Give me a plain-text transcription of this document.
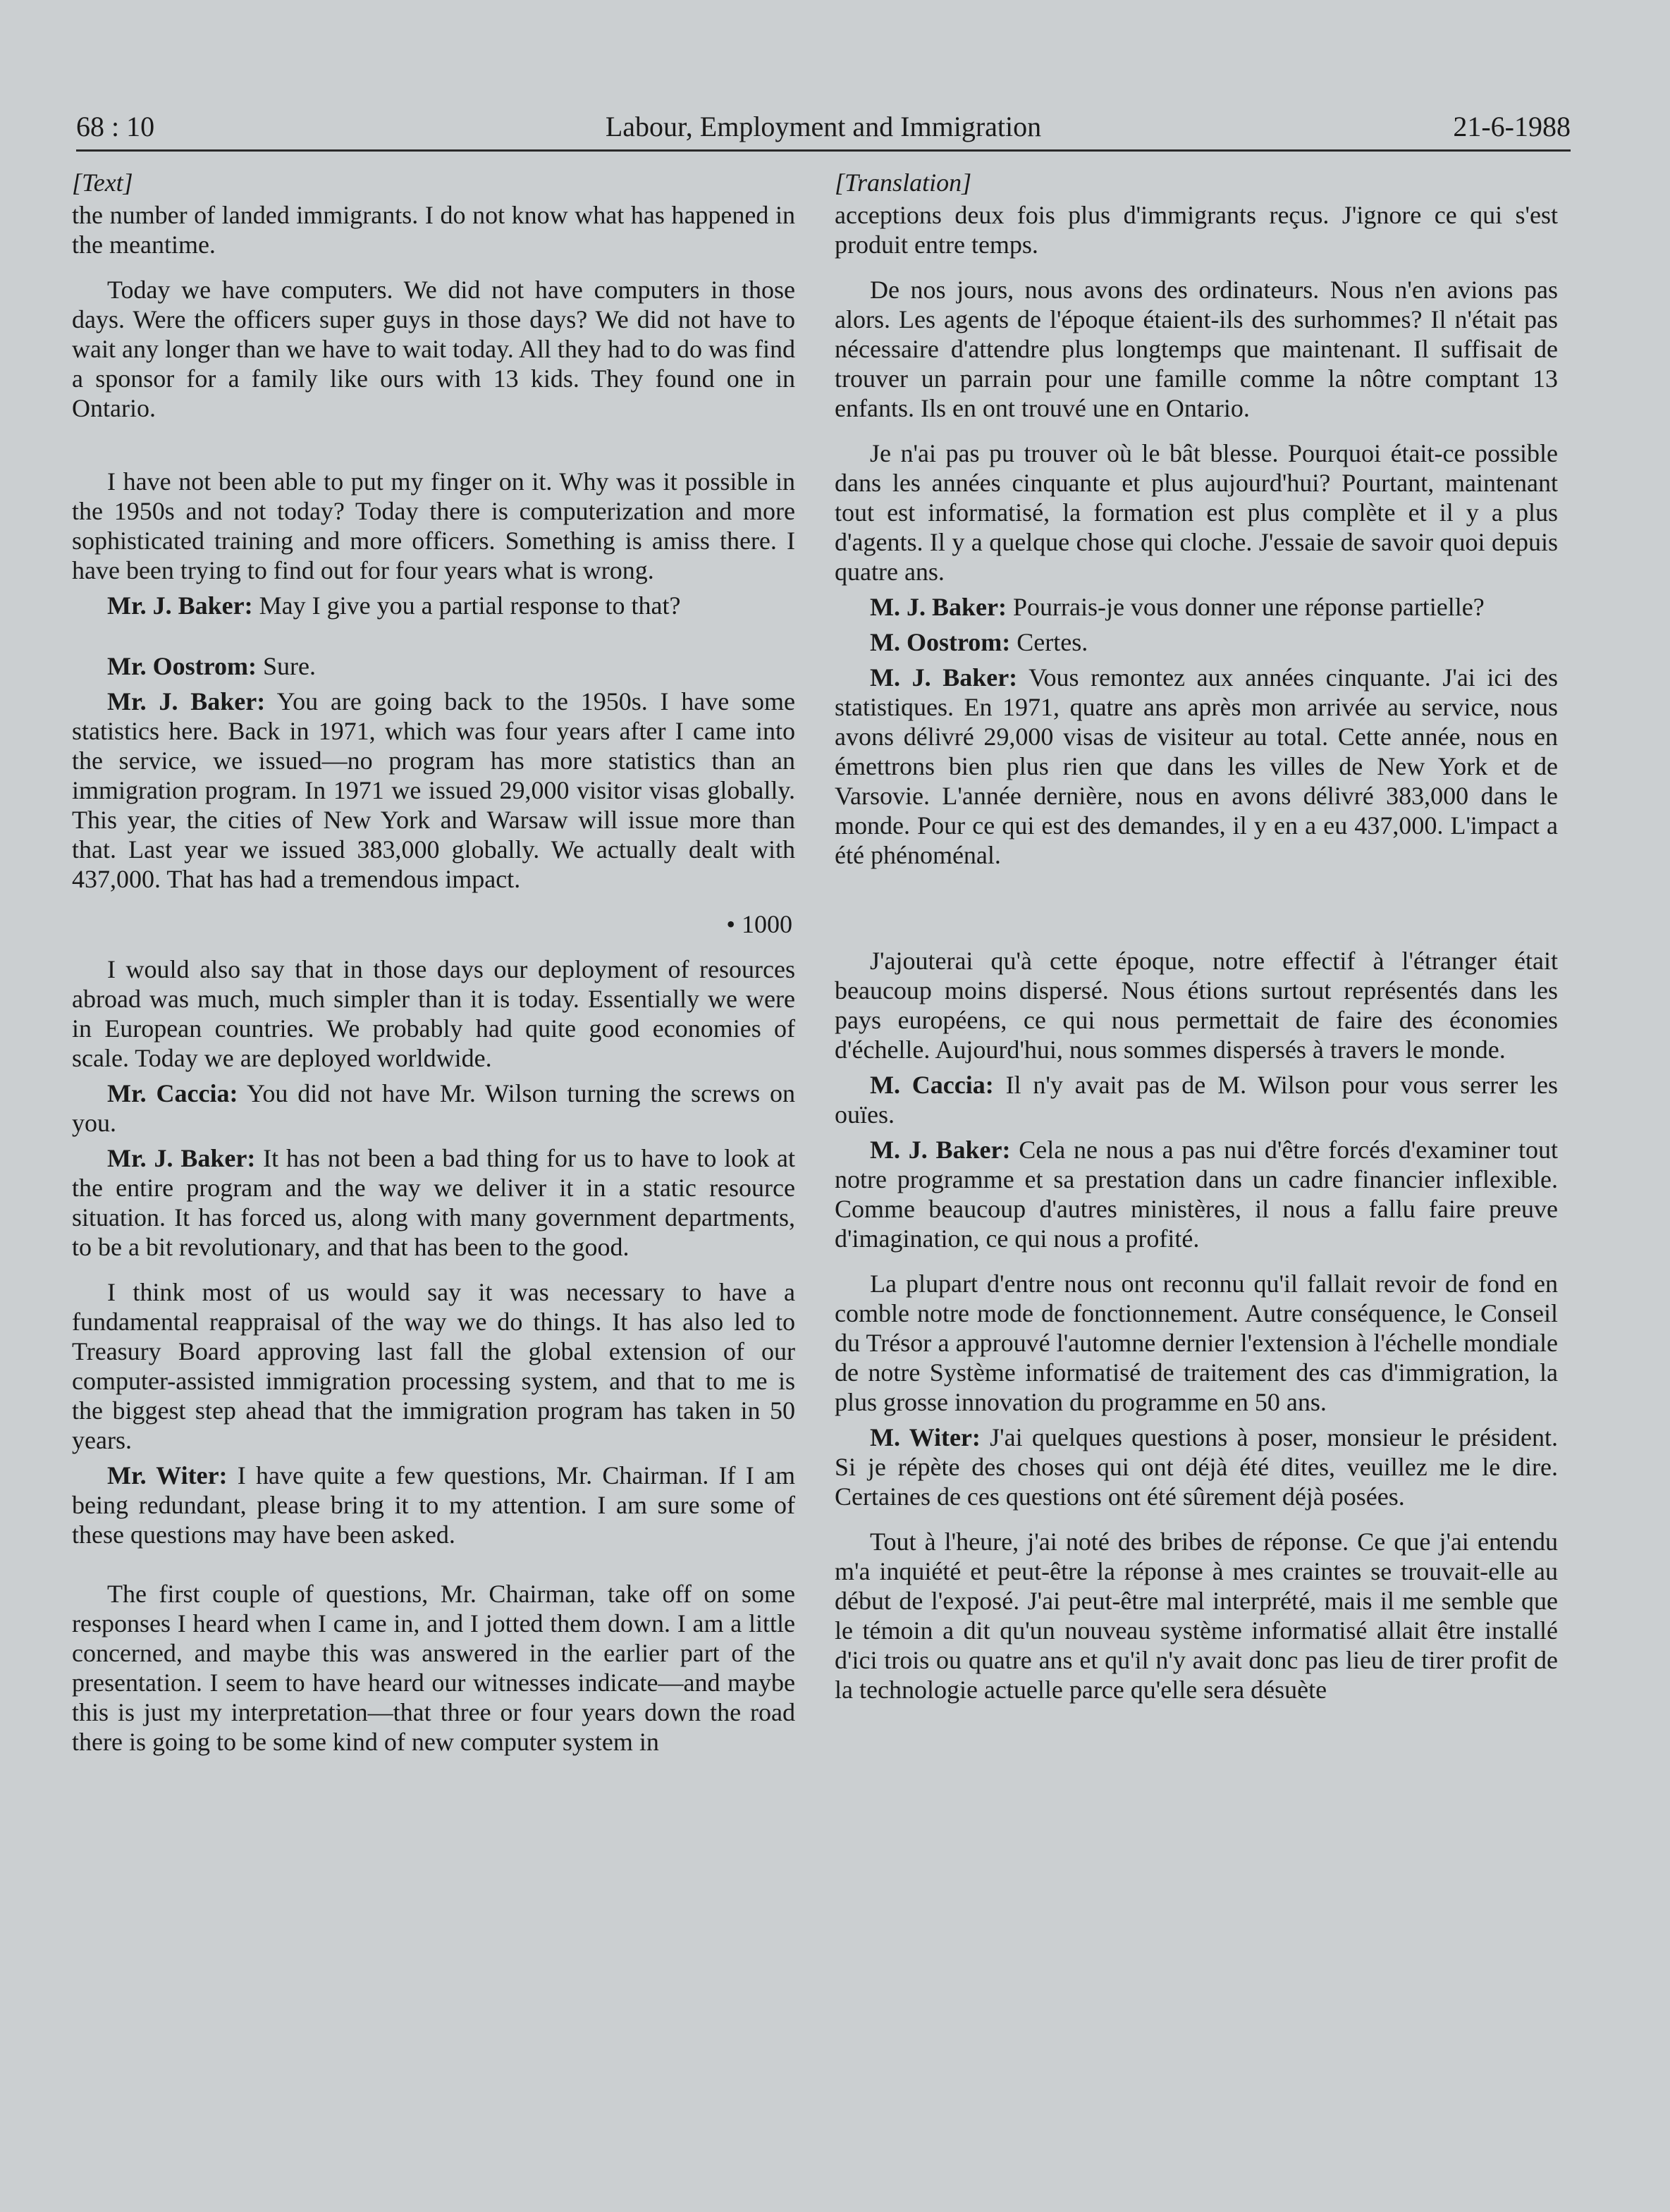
Labour, Employment and Immigration
68 : 10	21-6-1988
[Text]

the number of landed immigrants. I do not know what has happened in the meantime.

Today we have computers. We did not have computers in those days. Were the officers super guys in those days? We did not have to wait any longer than we have to wait today. All they had to do was find a sponsor for a family like ours with 13 kids. They found one in Ontario.

I have not been able to put my finger on it. Why was it possible in the 1950s and not today? Today there is computerization and more sophisticated training and more officers. Something is amiss there. I have been trying to find out for four years what is wrong.

Mr. J. Baker: May I give you a partial response to that?

Mr. Oostrom: Sure.

Mr. J. Baker: You are going back to the 1950s. I have some statistics here. Back in 1971, which was four years after I came into the service, we issued—no program has more statistics than an immigration program. In 1971 we issued 29,000 visitor visas globally. This year, the cities of New York and Warsaw will issue more than that. Last year we issued 383,000 globally. We actually dealt with 437,000. That has had a tremendous impact.

• 1000

I would also say that in those days our deployment of resources abroad was much, much simpler than it is today. Essentially we were in European countries. We probably had quite good economies of scale. Today we are deployed worldwide.

Mr. Caccia: You did not have Mr. Wilson turning the screws on you.

Mr. J. Baker: It has not been a bad thing for us to have to look at the entire program and the way we deliver it in a static resource situation. It has forced us, along with many government departments, to be a bit revolutionary, and that has been to the good.

I think most of us would say it was necessary to have a fundamental reappraisal of the way we do things. It has also led to Treasury Board approving last fall the global extension of our computer-assisted immigration processing system, and that to me is the biggest step ahead that the immigration program has taken in 50 years.

Mr. Witer: I have quite a few questions, Mr. Chairman. If I am being redundant, please bring it to my attention. I am sure some of these questions may have been asked.

The first couple of questions, Mr. Chairman, take off on some responses I heard when I came in, and I jotted them down. I am a little concerned, and maybe this was answered in the earlier part of the presentation. I seem to have heard our witnesses indicate—and maybe this is just my interpretation—that three or four years down the road there is going to be some kind of new computer system in

[Translation]

acceptions deux fois plus d'immigrants reçus. J'ignore ce qui s'est produit entre temps.

De nos jours, nous avons des ordinateurs. Nous n'en avions pas alors. Les agents de l'époque étaient-ils des surhommes? Il n'était pas nécessaire d'attendre plus longtemps que maintenant. Il suffisait de trouver un parrain pour une famille comme la nôtre comptant 13 enfants. Ils en ont trouvé une en Ontario.

Je n'ai pas pu trouver où le bât blesse. Pourquoi était-ce possible dans les années cinquante et plus aujourd'hui? Pourtant, maintenant tout est informatisé, la formation est plus complète et il y a plus d'agents. Il y a quelque chose qui cloche. J'essaie de savoir quoi depuis quatre ans.

M. J. Baker: Pourrais-je vous donner une réponse partielle?

M. Oostrom: Certes.

M. J. Baker: Vous remontez aux années cinquante. J'ai ici des statistiques. En 1971, quatre ans après mon arrivée au service, nous avons délivré 29,000 visas de visiteur au total. Cette année, nous en émettrons bien plus rien que dans les villes de New York et de Varsovie. L'année dernière, nous en avons délivré 383,000 dans le monde. Pour ce qui est des demandes, il y en a eu 437,000. L'impact a été phénoménal.

J'ajouterai qu'à cette époque, notre effectif à l'étranger était beaucoup moins dispersé. Nous étions surtout représentés dans les pays européens, ce qui nous permettait de faire des économies d'échelle. Aujourd'hui, nous sommes dispersés à travers le monde.

M. Caccia: Il n'y avait pas de M. Wilson pour vous serrer les ouïes.

M. J. Baker: Cela ne nous a pas nui d'être forcés d'examiner tout notre programme et sa prestation dans un cadre financier inflexible. Comme beaucoup d'autres ministères, il nous a fallu faire preuve d'imagination, ce qui nous a profité.

La plupart d'entre nous ont reconnu qu'il fallait revoir de fond en comble notre mode de fonctionnement. Autre conséquence, le Conseil du Trésor a approuvé l'automne dernier l'extension à l'échelle mondiale de notre Système informatisé de traitement des cas d'immigration, la plus grosse innovation du programme en 50 ans.

M. Witer: J'ai quelques questions à poser, monsieur le président. Si je répète des choses qui ont déjà été dites, veuillez me le dire. Certaines de ces questions ont été sûrement déjà posées.

Tout à l'heure, j'ai noté des bribes de réponse. Ce que j'ai entendu m'a inquiété et peut-être la réponse à mes craintes se trouvait-elle au début de l'exposé. J'ai peut-être mal interprété, mais il me semble que le témoin a dit qu'un nouveau système informatisé allait être installé d'ici trois ou quatre ans et qu'il n'y avait donc pas lieu de tirer profit de la technologie actuelle parce qu'elle sera désuète
